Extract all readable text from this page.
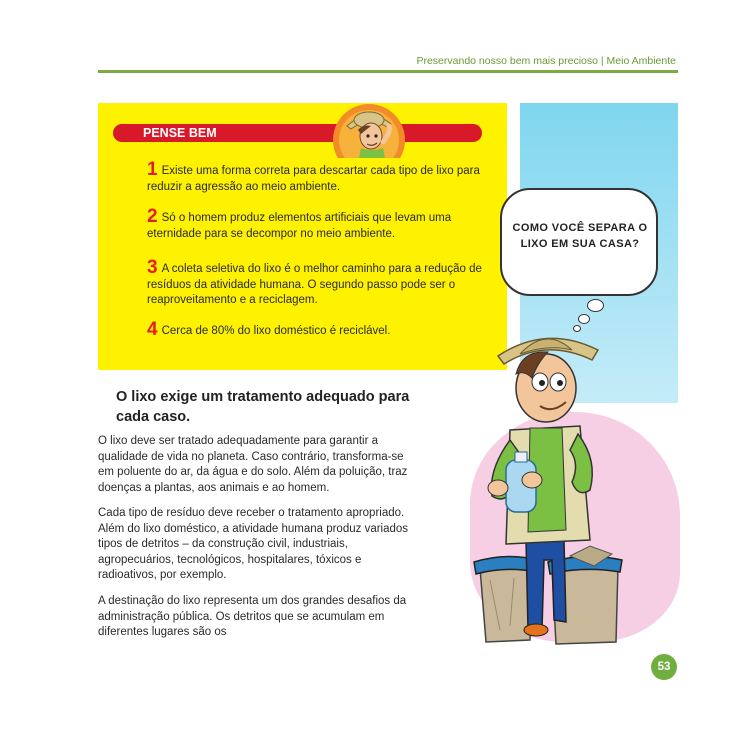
Preservando nosso bem mais precioso | Meio Ambiente
PENSE BEM
1 Existe uma forma correta para descartar cada tipo de lixo para reduzir a agressão ao meio ambiente.
2 Só o homem produz elementos artificiais que levam uma eternidade para se decompor no meio ambiente.
3 A coleta seletiva do lixo é o melhor caminho para a redução de resíduos da atividade humana. O segundo passo pode ser o reaproveitamento e a reciclagem.
4 Cerca de 80% do lixo doméstico é reciclável.
O lixo exige um tratamento adequado para cada caso.
O lixo deve ser tratado adequadamente para garantir a qualidade de vida no planeta. Caso contrário, transforma-se em poluente do ar, da água e do solo. Além da poluição, traz doenças a plantas, aos animais e ao homem.
Cada tipo de resíduo deve receber o tratamento apropriado. Além do lixo doméstico, a atividade humana produz variados tipos de detritos – da construção civil, industriais, agropecuários, tecnológicos, hospitalares, tóxicos e radioativos, por exemplo.
A destinação do lixo representa um dos grandes desafios da administração pública. Os detritos que se acumulam em diferentes lugares são os
COMO VOCÊ SEPARA O LIXO EM SUA CASA?
53
